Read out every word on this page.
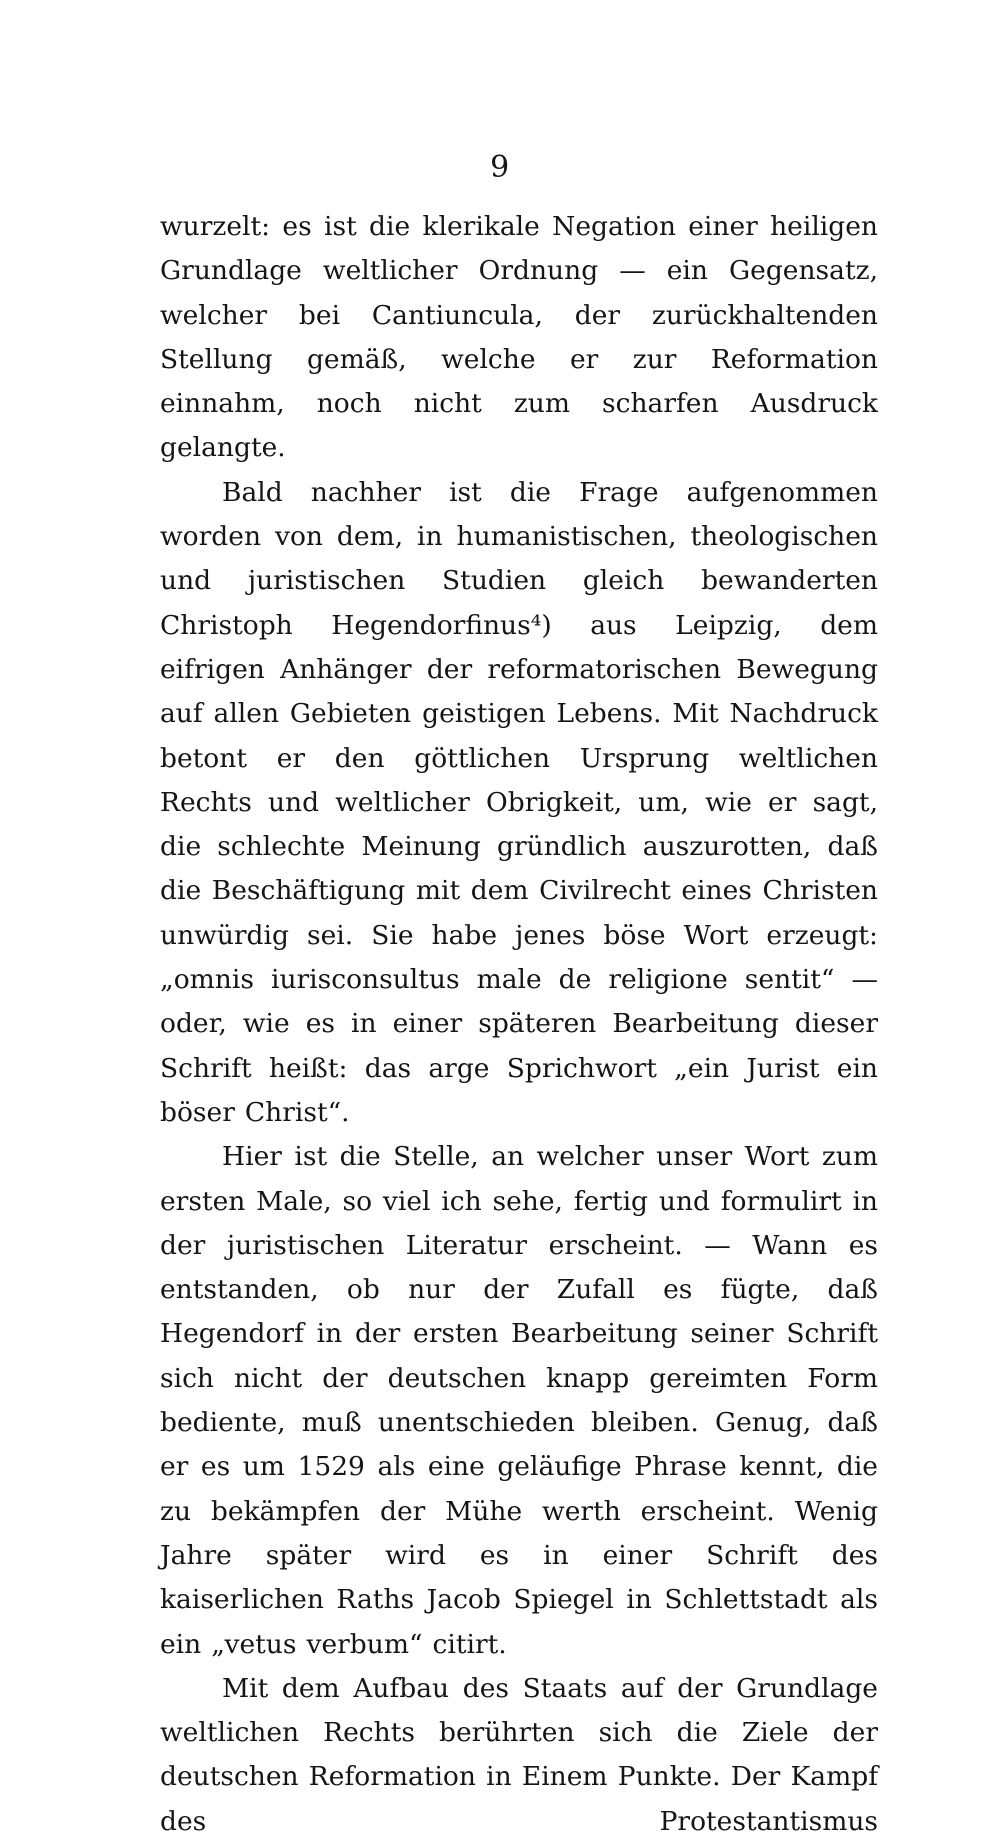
9

wurzelt: es ist die klerikale Negation einer heiligen Grundlage weltlicher Ordnung — ein Gegensatz, welcher bei Cantiuncula, der zurückhaltenden Stellung gemäß, welche er zur Reformation einnahm, noch nicht zum scharfen Ausdruck gelangte.

Bald nachher ist die Frage aufgenommen worden von dem, in humanistischen, theologischen und juristischen Studien gleich bewanderten Christoph Hegendorfinus⁴) aus Leipzig, dem eifrigen Anhänger der reformatorischen Bewegung auf allen Gebieten geistigen Lebens. Mit Nachdruck betont er den göttlichen Ursprung weltlichen Rechts und weltlicher Obrigkeit, um, wie er sagt, die schlechte Meinung gründlich auszurotten, daß die Beschäftigung mit dem Civilrecht eines Christen unwürdig sei. Sie habe jenes böse Wort erzeugt: „omnis iurisconsultus male de religione sentit“ — oder, wie es in einer späteren Bearbeitung dieser Schrift heißt: das arge Sprichwort „ein Jurist ein böser Christ“.

Hier ist die Stelle, an welcher unser Wort zum ersten Male, so viel ich sehe, fertig und formulirt in der juristischen Literatur erscheint. — Wann es entstanden, ob nur der Zufall es fügte, daß Hegendorf in der ersten Bearbeitung seiner Schrift sich nicht der deutschen knapp gereimten Form bediente, muß unentschieden bleiben. Genug, daß er es um 1529 als eine geläufige Phrase kennt, die zu bekämpfen der Mühe werth erscheint. Wenig Jahre später wird es in einer Schrift des kaiserlichen Raths Jacob Spiegel in Schlettstadt als ein „vetus verbum“ citirt.

Mit dem Aufbau des Staats auf der Grundlage weltlichen Rechts berührten sich die Ziele der deutschen Reformation in Einem Punkte. Der Kampf des Protestantismus
